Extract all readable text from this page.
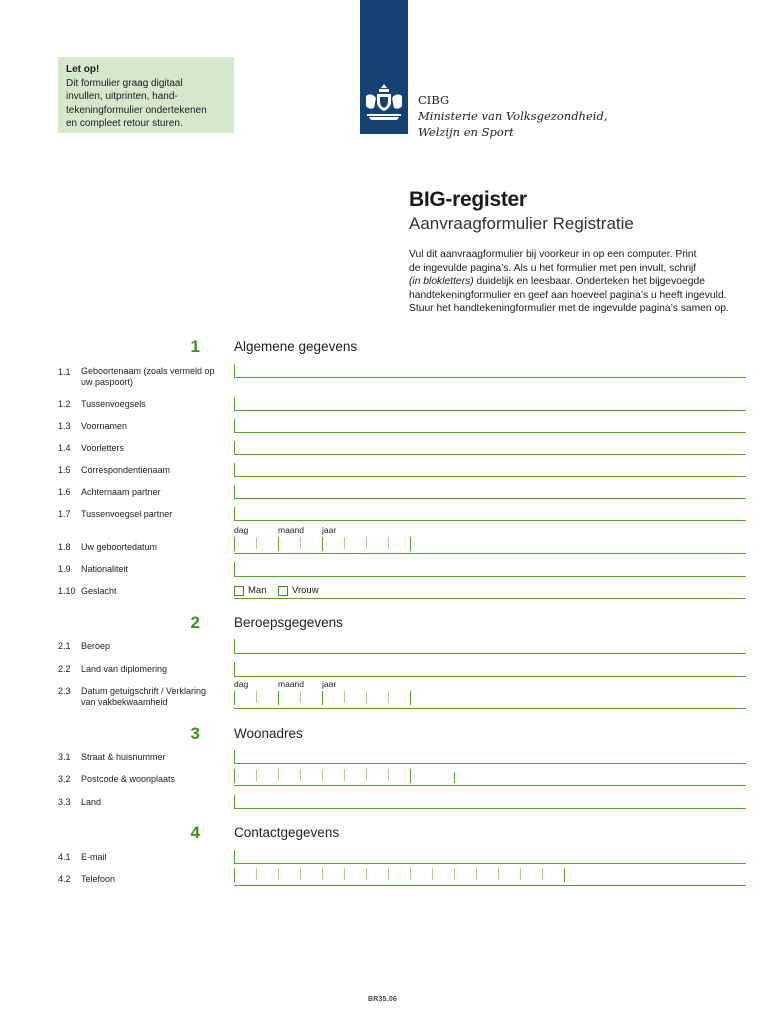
Let op!
Dit formulier graag digitaal
invullen, uitprinten, hand-
tekeningformulier ondertekenen
en compleet retour sturen.
CIBG
Ministerie van Volksgezondheid,
Welzijn en Sport
BIG-register
Aanvraagformulier Registratie
Vul dit aanvraagformulier bij voorkeur in op een computer. Print
de ingevulde pagina’s. Als u het formulier met pen invult, schrijf
(in blokletters) duidelijk en leesbaar. Onderteken het bijgevoegde
handtekeningformulier en geef aan hoeveel pagina’s u heeft ingevuld.
Stuur het handtekeningformulier met de ingevulde pagina’s samen op.
1	Algemene gegevens
1.1 Geboortenaam (zoals vermeld op uw paspoort)
1.2 Tussenvoegsels
1.3 Voornamen
1.4 Voorletters
1.5 Correspondentienaam
1.6 Achternaam partner
1.7 Tussenvoegsel partner
dag	maand jaar
1.8 Uw geboortedatum
1.9 Nationaliteit
1.10 Geslacht	Man	Vrouw
2	Beroepsgegevens
2.1 Beroep
2.2 Land van diplomering
dag	maand jaar
2.3 Datum getuigschrift / Verklaring van vakbekwaamheid
3	Woonadres
3.1 Straat & huisnummer
3.2 Postcode & woonplaats
3.3 Land
4	Contactgegevens
4.1 E-mail
4.2 Telefoon
BR35.06
